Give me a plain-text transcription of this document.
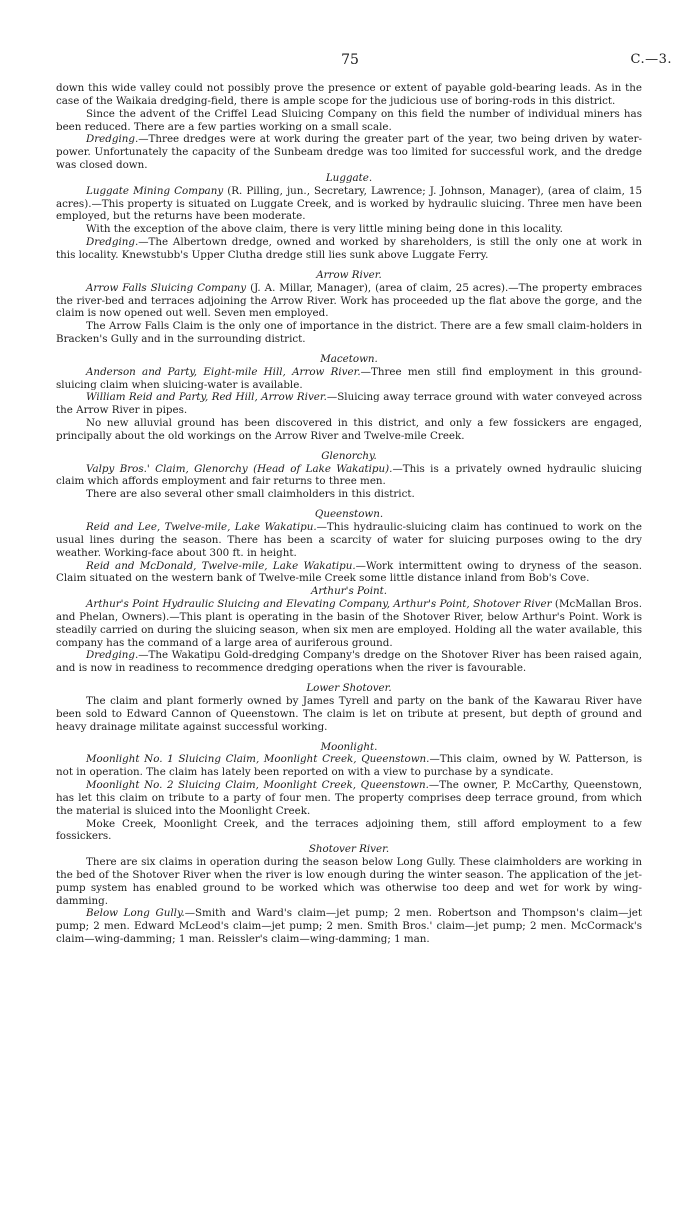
75	C.—3.

down this wide valley could not possibly prove the presence or extent of payable gold-bearing leads. As in the case of the Waikaia dredging-field, there is ample scope for the judicious use of boring-rods in this district.

Since the advent of the Criffel Lead Sluicing Company on this field the number of individual miners has been reduced. There are a few parties working on a small scale.

Dredging.—Three dredges were at work during the greater part of the year, two being driven by water-power. Unfortunately the capacity of the Sunbeam dredge was too limited for successful work, and the dredge was closed down.

Luggate.

Luggate Mining Company (R. Pilling, jun., Secretary, Lawrence; J. Johnson, Manager), (area of claim, 15 acres).—This property is situated on Luggate Creek, and is worked by hydraulic sluicing. Three men have been employed, but the returns have been moderate.

With the exception of the above claim, there is very little mining being done in this locality.

Dredging.—The Albertown dredge, owned and worked by shareholders, is still the only one at work in this locality. Knewstubb's Upper Clutha dredge still lies sunk above Luggate Ferry.

Arrow River.

Arrow Falls Sluicing Company (J. A. Millar, Manager), (area of claim, 25 acres).—The property embraces the river-bed and terraces adjoining the Arrow River. Work has proceeded up the flat above the gorge, and the claim is now opened out well. Seven men employed.

The Arrow Falls Claim is the only one of importance in the district. There are a few small claim-holders in Bracken's Gully and in the surrounding district.

Macetown.

Anderson and Party, Eight-mile Hill, Arrow River.—Three men still find employment in this ground-sluicing claim when sluicing-water is available.

William Reid and Party, Red Hill, Arrow River.—Sluicing away terrace ground with water conveyed across the Arrow River in pipes.

No new alluvial ground has been discovered in this district, and only a few fossickers are engaged, principally about the old workings on the Arrow River and Twelve-mile Creek.

Glenorchy.

Valpy Bros.' Claim, Glenorchy (Head of Lake Wakatipu).—This is a privately owned hydraulic sluicing claim which affords employment and fair returns to three men.

There are also several other small claimholders in this district.

Queenstown.

Reid and Lee, Twelve-mile, Lake Wakatipu.—This hydraulic-sluicing claim has continued to work on the usual lines during the season. There has been a scarcity of water for sluicing purposes owing to the dry weather. Working-face about 300 ft. in height.

Reid and McDonald, Twelve-mile, Lake Wakatipu.—Work intermittent owing to dryness of the season. Claim situated on the western bank of Twelve-mile Creek some little distance inland from Bob's Cove.

Arthur's Point.

Arthur's Point Hydraulic Sluicing and Elevating Company, Arthur's Point, Shotover River (McMallan Bros. and Phelan, Owners).—This plant is operating in the basin of the Shotover River, below Arthur's Point. Work is steadily carried on during the sluicing season, when six men are employed. Holding all the water available, this company has the command of a large area of auriferous ground.

Dredging.—The Wakatipu Gold-dredging Company's dredge on the Shotover River has been raised again, and is now in readiness to recommence dredging operations when the river is favourable.

Lower Shotover.

The claim and plant formerly owned by James Tyrell and party on the bank of the Kawarau River have been sold to Edward Cannon of Queenstown. The claim is let on tribute at present, but depth of ground and heavy drainage militate against successful working.

Moonlight.

Moonlight No. 1 Sluicing Claim, Moonlight Creek, Queenstown.—This claim, owned by W. Patterson, is not in operation. The claim has lately been reported on with a view to purchase by a syndicate.

Moonlight No. 2 Sluicing Claim, Moonlight Creek, Queenstown.—The owner, P. McCarthy, Queenstown, has let this claim on tribute to a party of four men. The property comprises deep terrace ground, from which the material is sluiced into the Moonlight Creek.

Moke Creek, Moonlight Creek, and the terraces adjoining them, still afford employment to a few fossickers.

Shotover River.

There are six claims in operation during the season below Long Gully. These claimholders are working in the bed of the Shotover River when the river is low enough during the winter season. The application of the jet-pump system has enabled ground to be worked which was otherwise too deep and wet for work by wing-damming.

Below Long Gully.—Smith and Ward's claim—jet pump; 2 men. Robertson and Thompson's claim—jet pump; 2 men. Edward McLeod's claim—jet pump; 2 men. Smith Bros.' claim—jet pump; 2 men. McCormack's claim—wing-damming; 1 man. Reissler's claim—wing-damming; 1 man.
